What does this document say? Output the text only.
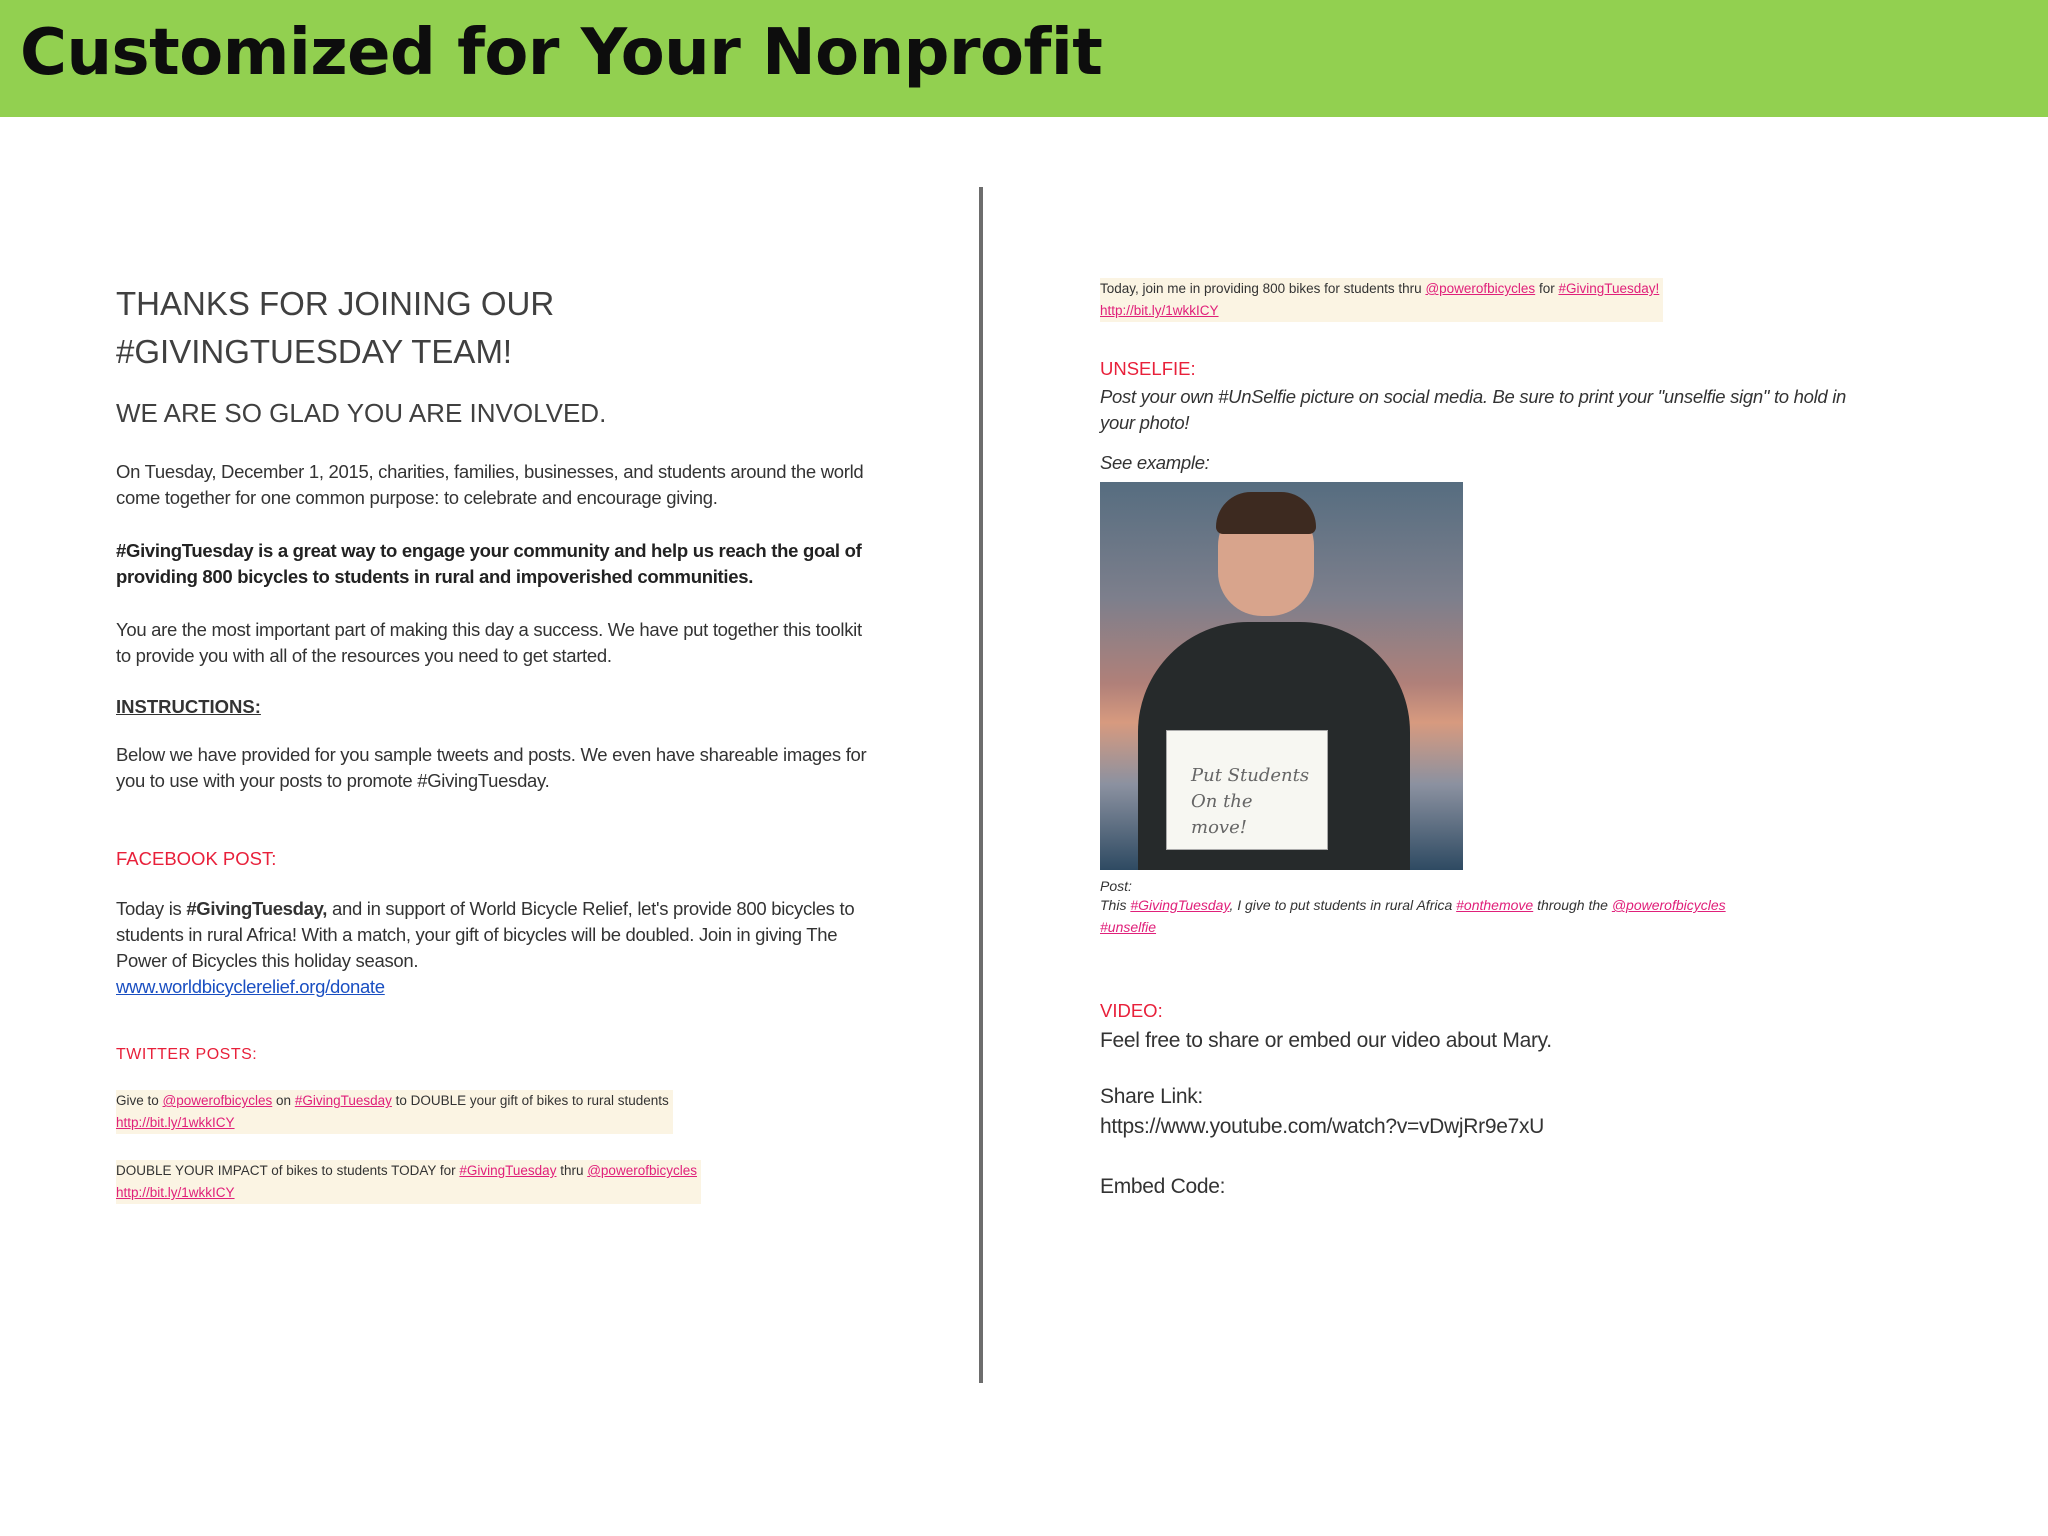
Customized for Your Nonprofit
THANKS FOR JOINING OUR
#GIVINGTUESDAY TEAM!
WE ARE SO GLAD YOU ARE INVOLVED.

On Tuesday, December 1, 2015, charities, families, businesses, and students around the world come together for one common purpose: to celebrate and encourage giving.

#GivingTuesday is a great way to engage your community and help us reach the goal of providing 800 bicycles to students in rural and impoverished communities.

You are the most important part of making this day a success. We have put together this toolkit to provide you with all of the resources you need to get started.

INSTRUCTIONS:

Below we have provided for you sample tweets and posts. We even have shareable images for you to use with your posts to promote #GivingTuesday.

FACEBOOK POST:

Today is #GivingTuesday, and in support of World Bicycle Relief, let's provide 800 bicycles to students in rural Africa! With a match, your gift of bicycles will be doubled. Join in giving The Power of Bicycles this holiday season.
www.worldbicyclerelief.org/donate

TWITTER POSTS:
Give to @powerofbicycles on #GivingTuesday to DOUBLE your gift of bikes to rural students
http://bit.ly/1wkkICY
DOUBLE YOUR IMPACT of bikes to students TODAY for #GivingTuesday thru @powerofbicycles
http://bit.ly/1wkkICY
Today, join me in providing 800 bikes for students thru @powerofbicycles for #GivingTuesday!
http://bit.ly/1wkkICY
UNSELFIE:

Post your own #UnSelfie picture on social media. Be sure to print your "unselfie sign" to hold in your photo!

See example:
Put Students On the move!
Post:
This #GivingTuesday, I give to put students in rural Africa #onthemove through the @powerofbicycles
#unselfie
VIDEO:
Feel free to share or embed our video about Mary.
Share Link:
https://www.youtube.com/watch?v=vDwjRr9e7xU
Embed Code:
